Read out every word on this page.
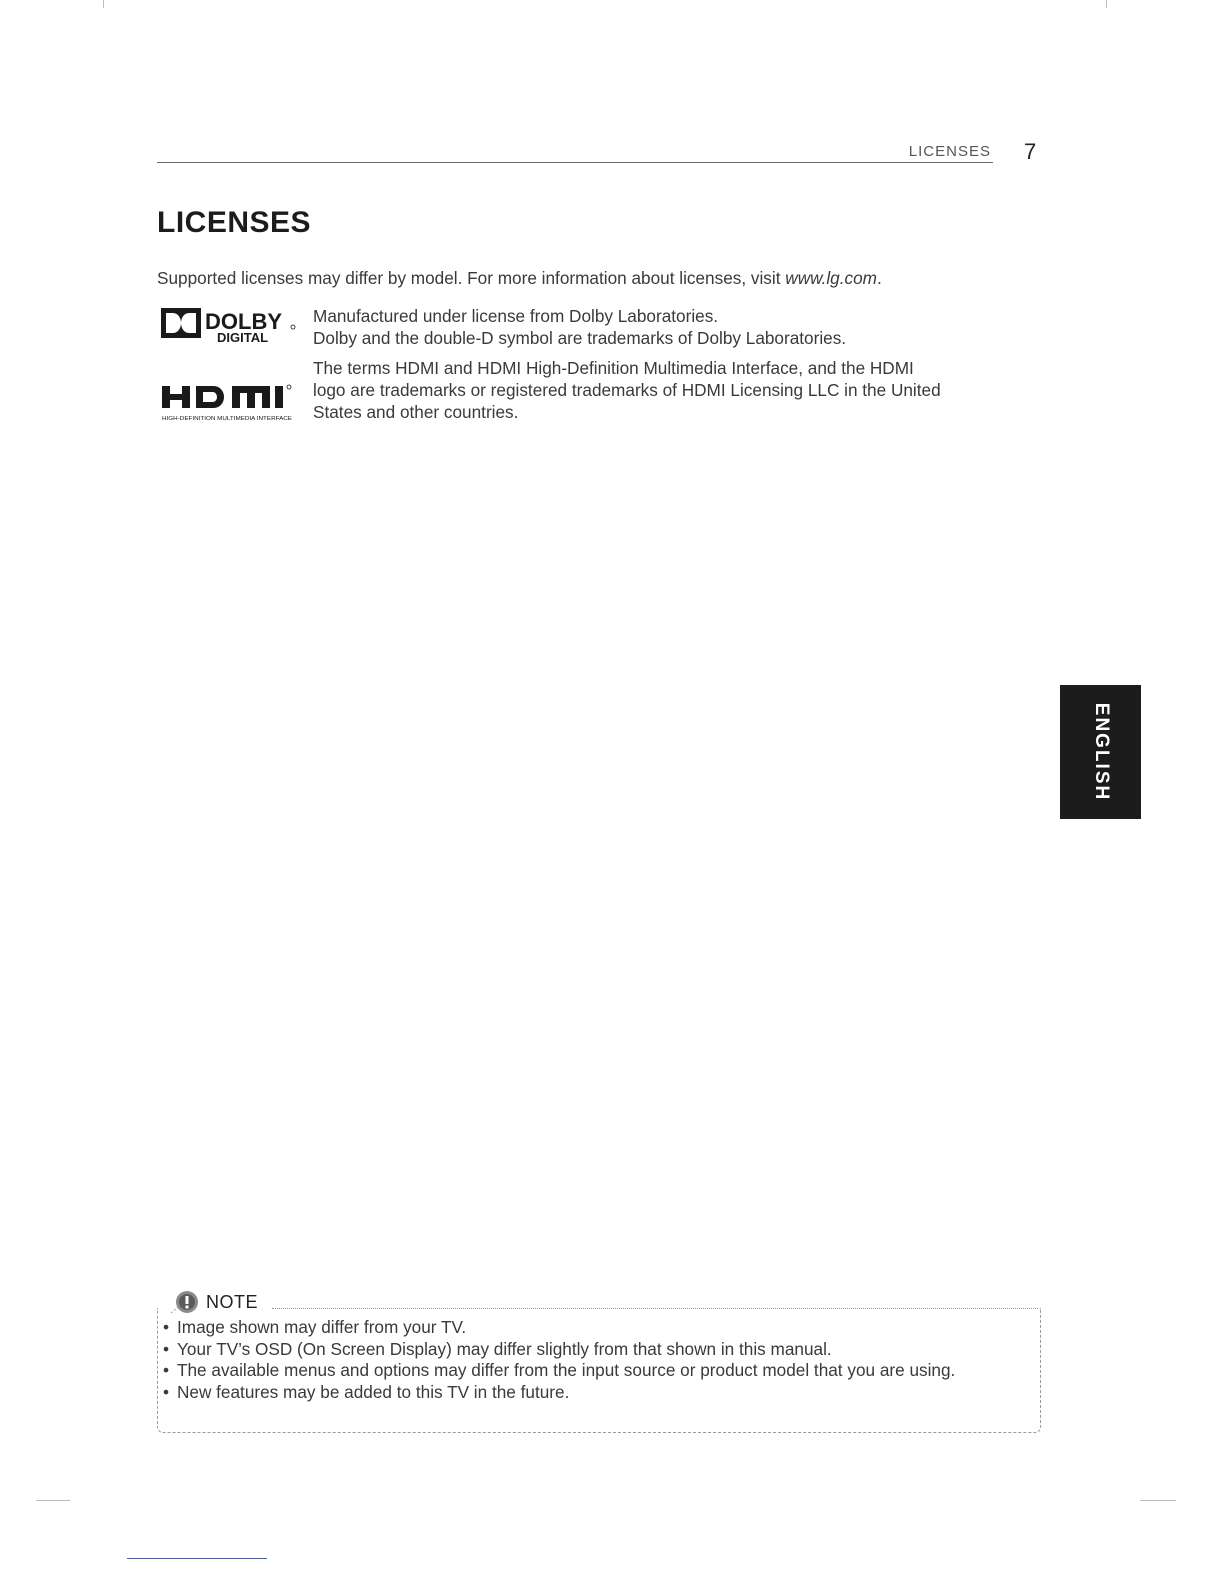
LICENSES 7
LICENSES
Supported licenses may differ by model. For more information about licenses, visit www.lg.com.
DOLBY
DIGITAL
Manufactured under license from Dolby Laboratories.
Dolby and the double-D symbol are trademarks of Dolby Laboratories.
HIGH-DEFINITION MULTIMEDIA INTERFACE
The terms HDMI and HDMI High-Definition Multimedia Interface, and the HDMI
logo are trademarks or registered trademarks of HDMI Licensing LLC in the United
States and other countries.
ENGLISH
NOTE
• Image shown may differ from your TV.
• Your TV’s OSD (On Screen Display) may differ slightly from that shown in this manual.
• The available menus and options may differ from the input source or product model that you are using.
• New features may be added to this TV in the future.
